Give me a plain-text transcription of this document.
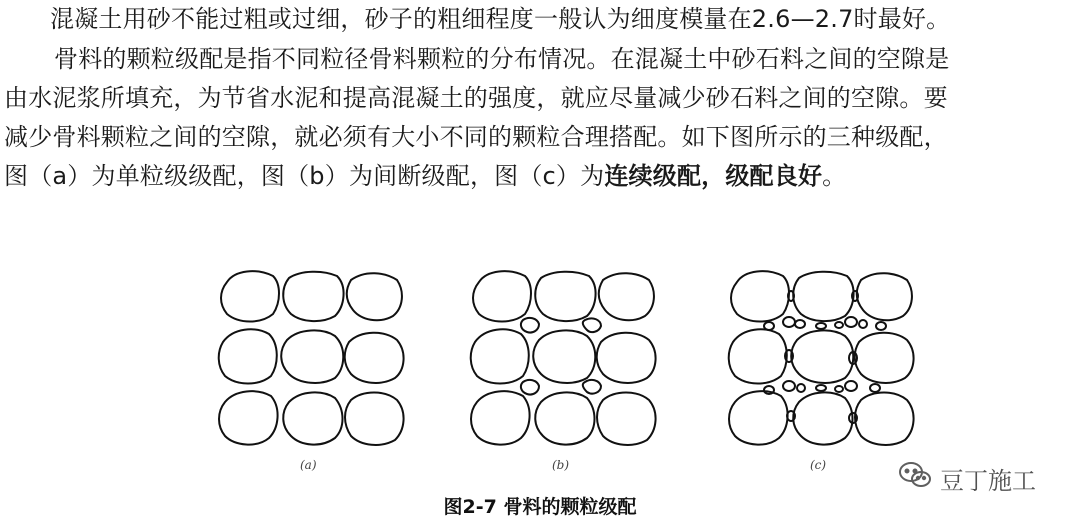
混凝土用砂不能过粗或过细，砂子的粗细程度一般认为细度模量在2.6—2.7时最好。
骨料的颗粒级配是指不同粒径骨料颗粒的分布情况。在混凝土中砂石料之间的空隙是
由水泥浆所填充，为节省水泥和提高混凝土的强度，就应尽量减少砂石料之间的空隙。要
减少骨料颗粒之间的空隙，就必须有大小不同的颗粒合理搭配。如下图所示的三种级配，
图（a）为单粒级级配，图（b）为间断级配，图（c）为连续级配，级配良好。
(a)	(b)	(c)
图2-7 骨料的颗粒级配
豆丁施工
